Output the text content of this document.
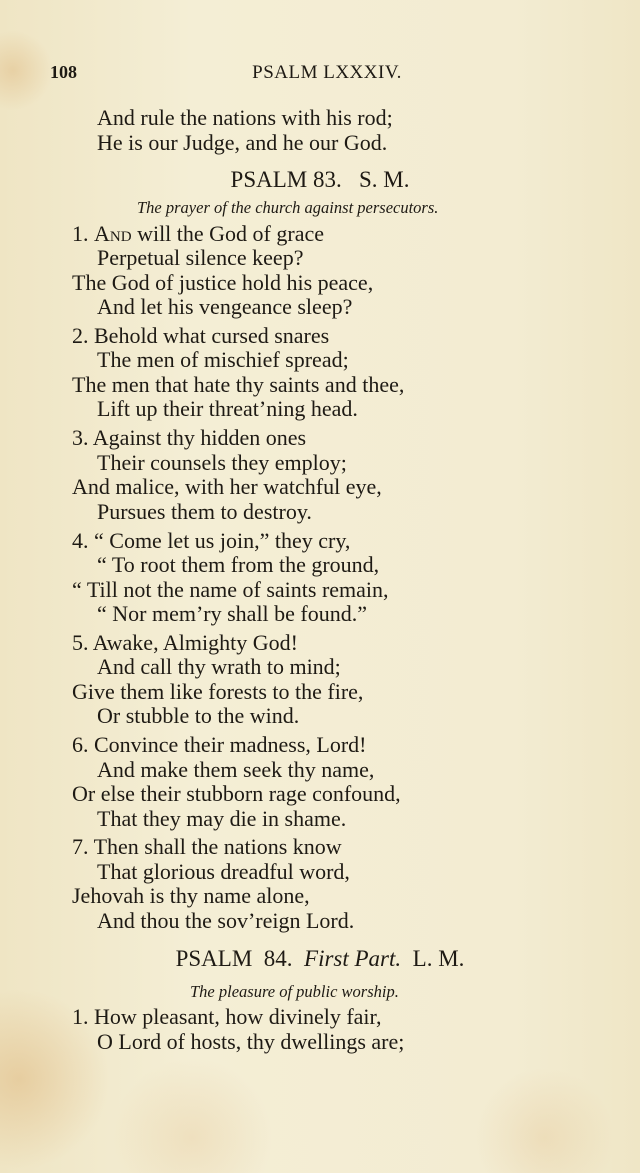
108	PSALM LXXXIV.
And rule the nations with his rod;
He is our Judge, and he our God.
PSALM 83.   S. M.
The prayer of the church against persecutors.
1. And will the God of grace
Perpetual silence keep?
The God of justice hold his peace,
And let his vengeance sleep?
2. Behold what cursed snares
The men of mischief spread;
The men that hate thy saints and thee,
Lift up their threat’ning head.
3. Against thy hidden ones
Their counsels they employ;
And malice, with her watchful eye,
Pursues them to destroy.
4. “ Come let us join,” they cry,
“ To root them from the ground,
“ Till not the name of saints remain,
“ Nor mem’ry shall be found.”
5. Awake, Almighty God!
And call thy wrath to mind;
Give them like forests to the fire,
Or stubble to the wind.
6. Convince their madness, Lord!
And make them seek thy name,
Or else their stubborn rage confound,
That they may die in shame.
7. Then shall the nations know
That glorious dreadful word,
Jehovah is thy name alone,
And thou the sov’reign Lord.
PSALM  84.  First Part.  L. M.
The pleasure of public worship.
1. How pleasant, how divinely fair,
O Lord of hosts, thy dwellings are;
